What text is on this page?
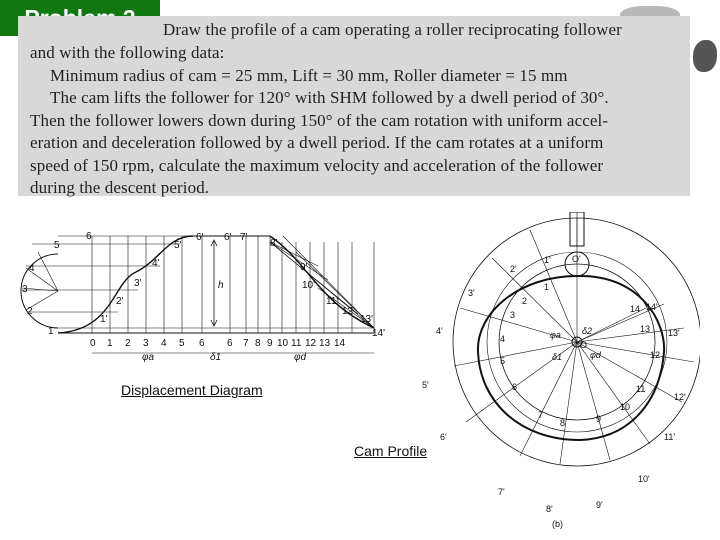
Draw the profile of a cam operating a roller reciprocating follower
and with the following data:
Minimum radius of cam = 25 mm, Lift = 30 mm, Roller diameter = 15 mm
The cam lifts the follower for 120° with SHM followed by a dwell period of 30°.
Then the follower lowers down during 150° of the cam rotation with uniform accel-
eration and deceleration followed by a dwell period. If the cam rotates at a uniform
speed of 150 rpm, calculate the maximum velocity and acceleration of the follower
during the descent period.
5
4
3
2
1
6
1'
2'
3'
4'
5'
6' 6' 7'
8'
9'
10'
11'
12'
13'
14'
h
0 1 2 3 4 5 6 6 7 8 9 10 11 12 13 14
φa	δ1	φd
Displacement Diagram
O'
O
1'
2'
3'
4'
5'
6'
7'
8'	9'
10'
11'
12'
13'
14'
1
2
3
4
5
6
7
8	9
10
11
12
13
14
φa δ2
φd
δ1
(b)
Cam Profile
